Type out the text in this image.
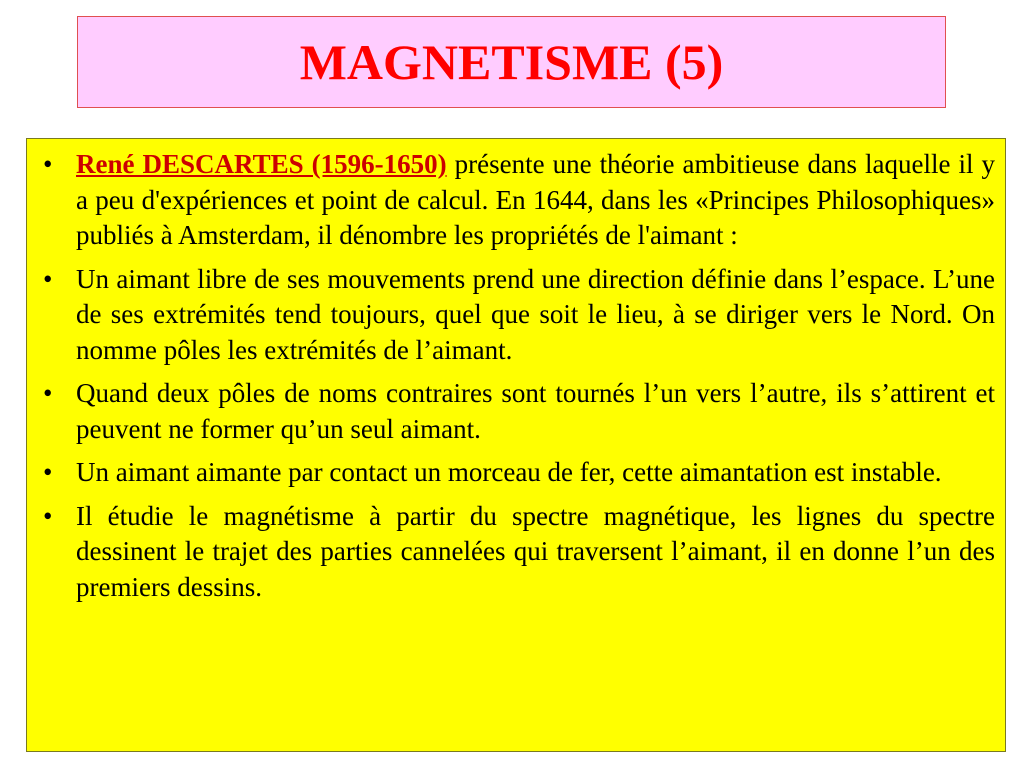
MAGNETISME (5)
• René DESCARTES (1596-1650) présente une théorie ambitieuse dans laquelle il y a peu d'expériences et point de calcul. En 1644, dans les «Principes Philosophiques» publiés à Amsterdam, il dénombre les propriétés de l'aimant :
• Un aimant libre de ses mouvements prend une direction définie dans l’espace. L’une de ses extrémités tend toujours, quel que soit le lieu, à se diriger vers le Nord. On nomme pôles les extrémités de l’aimant.
• Quand deux pôles de noms contraires sont tournés l’un vers l’autre, ils s’attirent et peuvent ne former qu’un seul aimant.
• Un aimant aimante par contact un morceau de fer, cette aimantation est instable.
• Il étudie le magnétisme à partir du spectre magnétique, les lignes du spectre dessinent le trajet des parties cannelées qui traversent l’aimant, il en donne l’un des premiers dessins.
